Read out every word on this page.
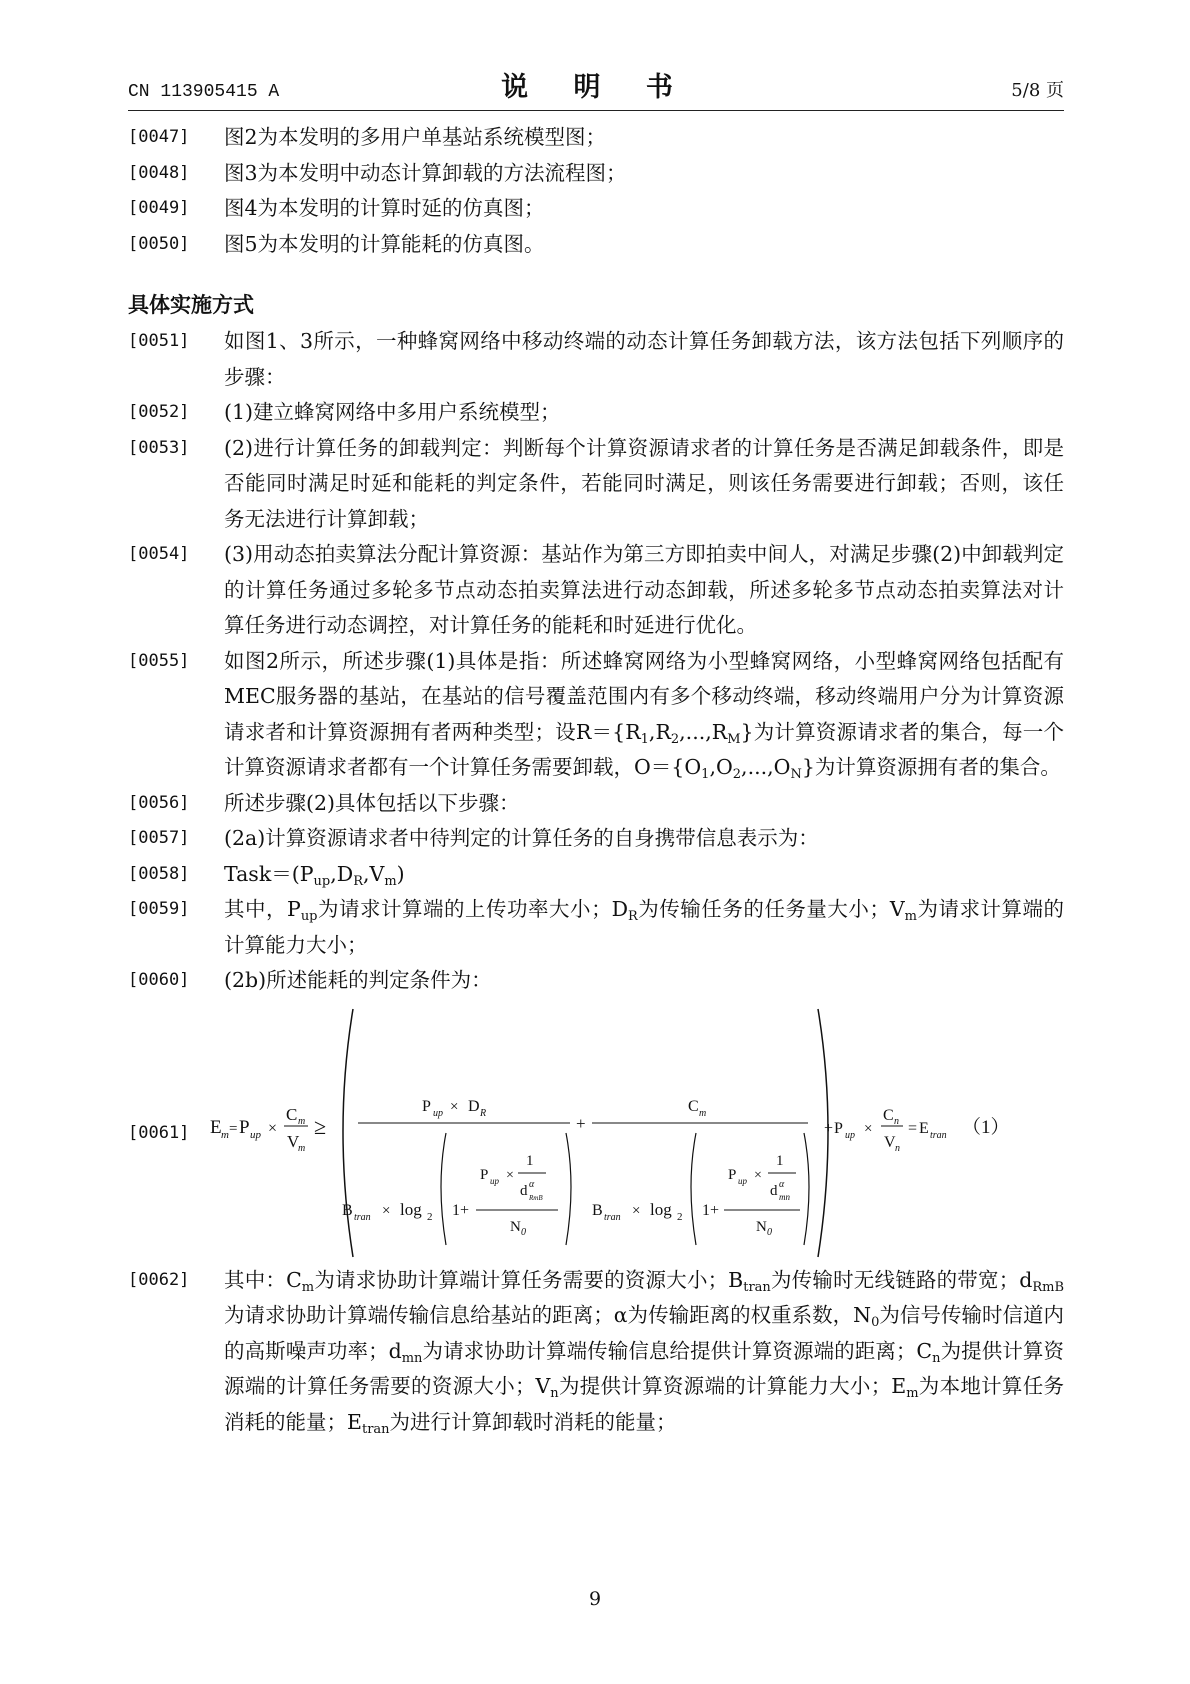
CN 113905415 A	说 明 书	5/8 页
[0047] 图2为本发明的多用户单基站系统模型图；
[0048] 图3为本发明中动态计算卸载的方法流程图；
[0049] 图4为本发明的计算时延的仿真图；
[0050] 图5为本发明的计算能耗的仿真图。
具体实施方式
[0051] 如图1、3所示，一种蜂窝网络中移动终端的动态计算任务卸载方法，该方法包括下列顺序的步骤：
[0052] (1)建立蜂窝网络中多用户系统模型；
[0053] (2)进行计算任务的卸载判定：判断每个计算资源请求者的计算任务是否满足卸载条件，即是否能同时满足时延和能耗的判定条件，若能同时满足，则该任务需要进行卸载；否则，该任务无法进行计算卸载；
[0054] (3)用动态拍卖算法分配计算资源：基站作为第三方即拍卖中间人，对满足步骤(2)中卸载判定的计算任务通过多轮多节点动态拍卖算法进行动态卸载，所述多轮多节点动态拍卖算法对计算任务进行动态调控，对计算任务的能耗和时延进行优化。
[0055] 如图2所示，所述步骤(1)具体是指：所述蜂窝网络为小型蜂窝网络，小型蜂窝网络包括配有MEC服务器的基站，在基站的信号覆盖范围内有多个移动终端，移动终端用户分为计算资源请求者和计算资源拥有者两种类型；设$R=\{R_1,R_2,...,R_M\}$为计算资源请求者的集合，每一个计算资源请求者都有一个计算任务需要卸载，$O=\{O_1,O_2,...,O_N\}$为计算资源拥有者的集合。
[0056] 所述步骤(2)具体包括以下步骤：
[0057] (2a)计算资源请求者中待判定的计算任务的自身携带信息表示为：
[0058] $Task=(P_{up},D_R,V_m)$
[0059] 其中，$P_{up}$为请求计算端的上传功率大小；$D_R$为传输任务的任务量大小；$V_m$为请求计算端的计算能力大小；
[0060] (2b)所述能耗的判定条件为：
[0061] E m = P up ×
C m
V
m
≥
P up × D R
B tran × log 2 1+
P up ×
1
d α
RmB
N 0
+
C m
B tran × log 2 1+
P up ×
1
d α
mn
N 0
+ P up ×
C n
V n
= E tran （1）
[0062] 其中：$C_m$为请求协助计算端计算任务需要的资源大小；$B_{tran}$为传输时无线链路的带宽；$d_{RmB}$为请求协助计算端传输信息给基站的距离；α为传输距离的权重系数，$N_0$为信号传输时信道内的高斯噪声功率；$d_{mn}$为请求协助计算端传输信息给提供计算资源端的距离；$C_n$为提供计算资源端的计算任务需要的资源大小；$V_n$为提供计算资源端的计算能力大小；$E_m$为本地计算任务消耗的能量；$E_{tran}$为进行计算卸载时消耗的能量；
9
